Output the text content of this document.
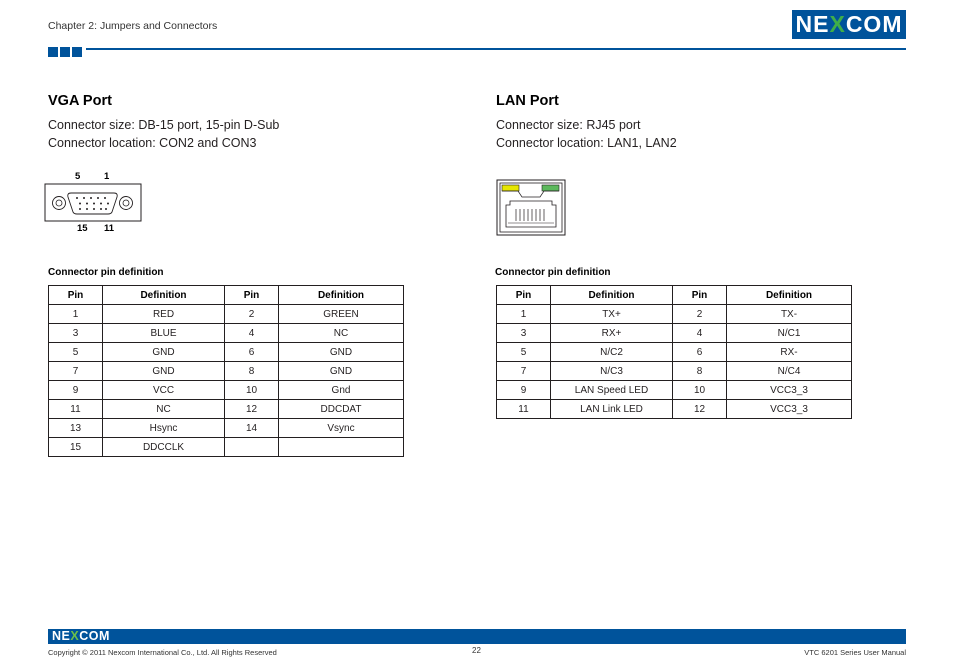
Chapter 2: Jumpers and Connectors	NEXCOM
VGA Port
Connector size: DB-15 port, 15-pin D-Sub
Connector location: CON2 and CON3
5 1
15 11
Connector pin definition
Pin	Definition	Pin	Definition
1	RED	2	GREEN
3	BLUE	4	NC
5	GND	6	GND
7	GND	8	GND
9	VCC	10	Gnd
11	NC	12	DDCDAT
13	Hsync	14	Vsync
15	DDCCLK		
LAN Port
Connector size: RJ45 port
Connector location: LAN1, LAN2
Connector pin definition
Pin	Definition	Pin	Definition
1	TX+	2	TX-
3	RX+	4	N/C1
5	N/C2	6	RX-
7	N/C3	8	N/C4
9	LAN Speed LED	10	VCC3_3
11	LAN Link LED	12	VCC3_3
NEXCOM
Copyright © 2011 Nexcom International Co., Ltd. All Rights Reserved	22	VTC 6201 Series User Manual
